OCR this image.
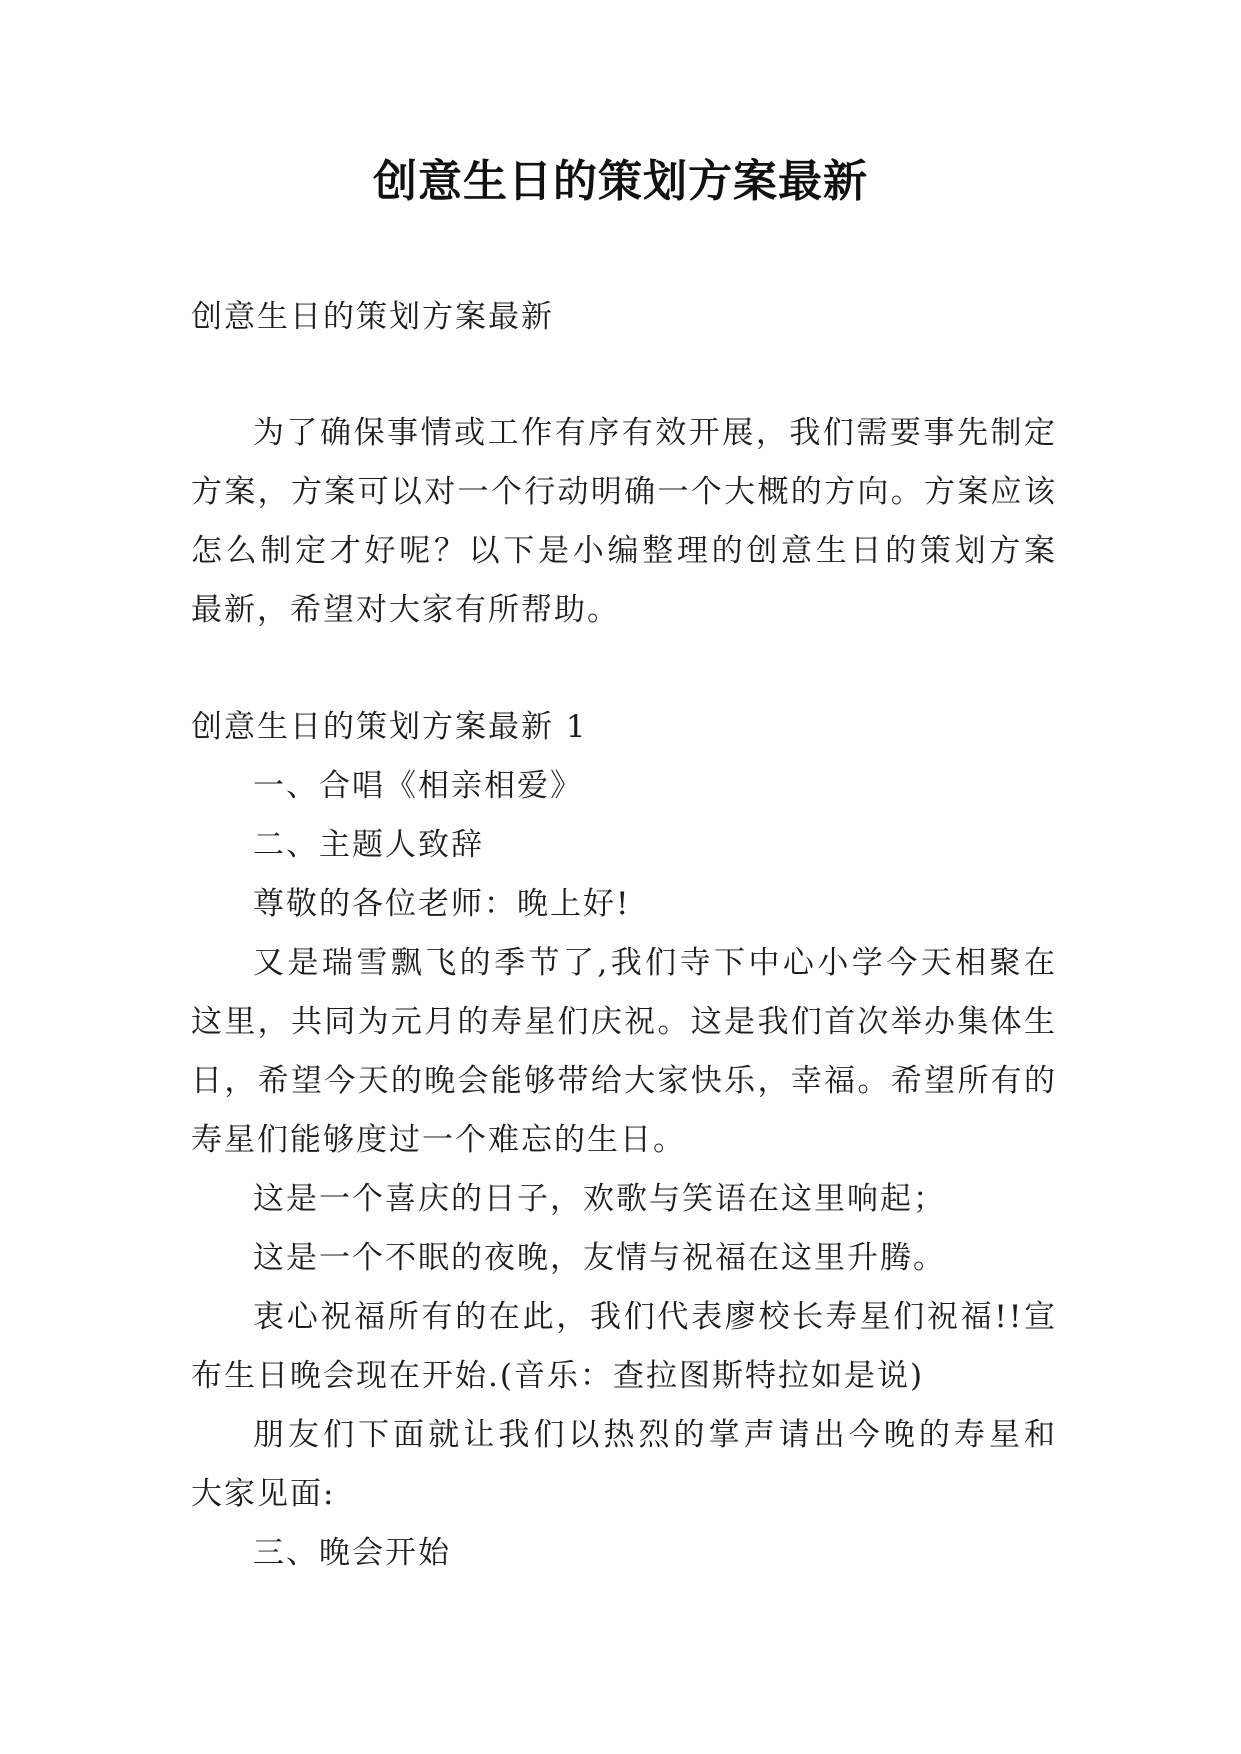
创意生日的策划方案最新
创意生日的策划方案最新
为了确保事情或工作有序有效开展，我们需要事先制定
方案，方案可以对一个行动明确一个大概的方向。方案应该
怎么制定才好呢？以下是小编整理的创意生日的策划方案
最新，希望对大家有所帮助。
创意生日的策划方案最新 1
一、合唱《相亲相爱》
二、主题人致辞
尊敬的各位老师：晚上好!
又是瑞雪飘飞的季节了,我们寺下中心小学今天相聚在
这里，共同为元月的寿星们庆祝。这是我们首次举办集体生
日，希望今天的晚会能够带给大家快乐，幸福。希望所有的
寿星们能够度过一个难忘的生日。
这是一个喜庆的日子，欢歌与笑语在这里响起；
这是一个不眠的夜晚，友情与祝福在这里升腾。
衷心祝福所有的在此，我们代表廖校长寿星们祝福!!宣
布生日晚会现在开始.(音乐：查拉图斯特拉如是说)
朋友们下面就让我们以热烈的掌声请出今晚的寿星和
大家见面:
三、晚会开始
